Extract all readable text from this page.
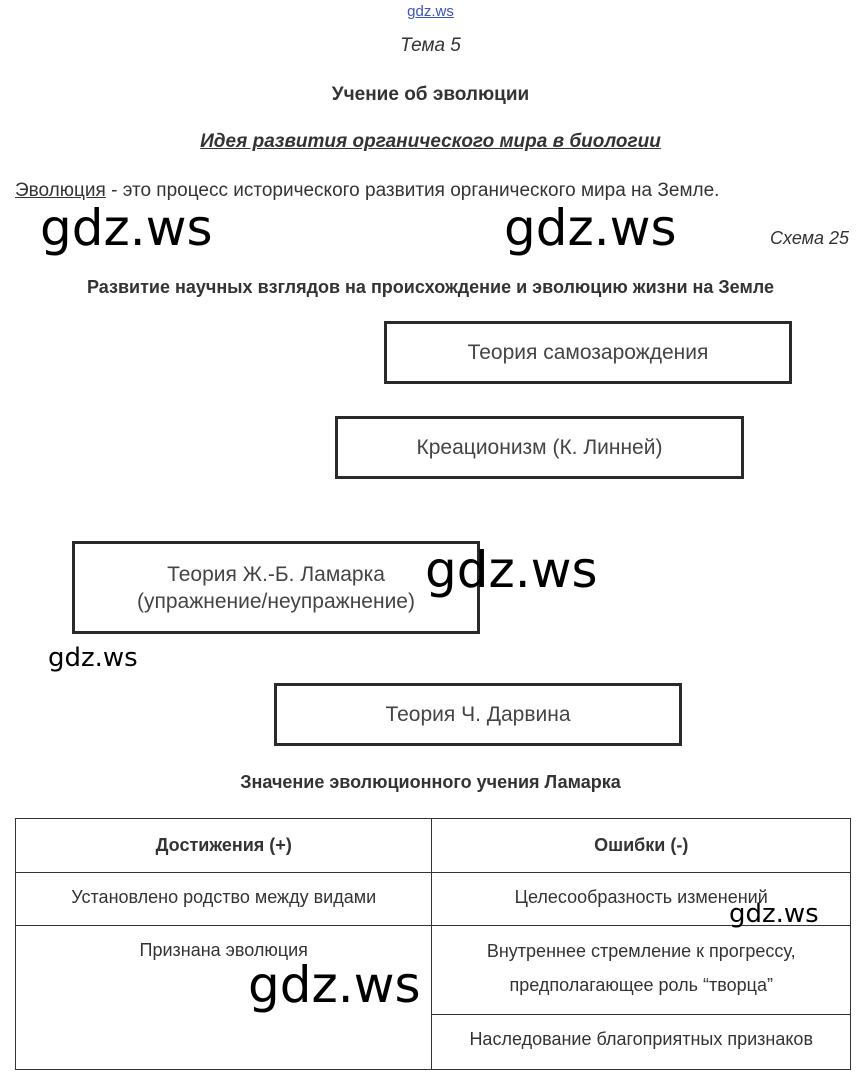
gdz.ws
Тема 5
Учение об эволюции
Идея развития органического мира в биологии
Эволюция - это процесс исторического развития органического мира на Земле.
Схема 25
Развитие научных взглядов на происхождение и эволюцию жизни на Земле
Теория самозарождения
Креационизм (К. Линней)
Теория Ж.-Б. Ламарка
(упражнение/неупражнение)
Теория Ч. Дарвина
Значение эволюционного учения Ламарка
Достижения (+)	Ошибки (-)

Установлено родство между видами	Целесообразность изменений

Признана эволюция	Внутреннее стремление к прогрессу,
предполагающее роль “творца”

	Наследование благоприятных признаков
gdz.ws	gdz.ws
gdz.ws
gdz.ws
gdz.ws
gdz.ws
